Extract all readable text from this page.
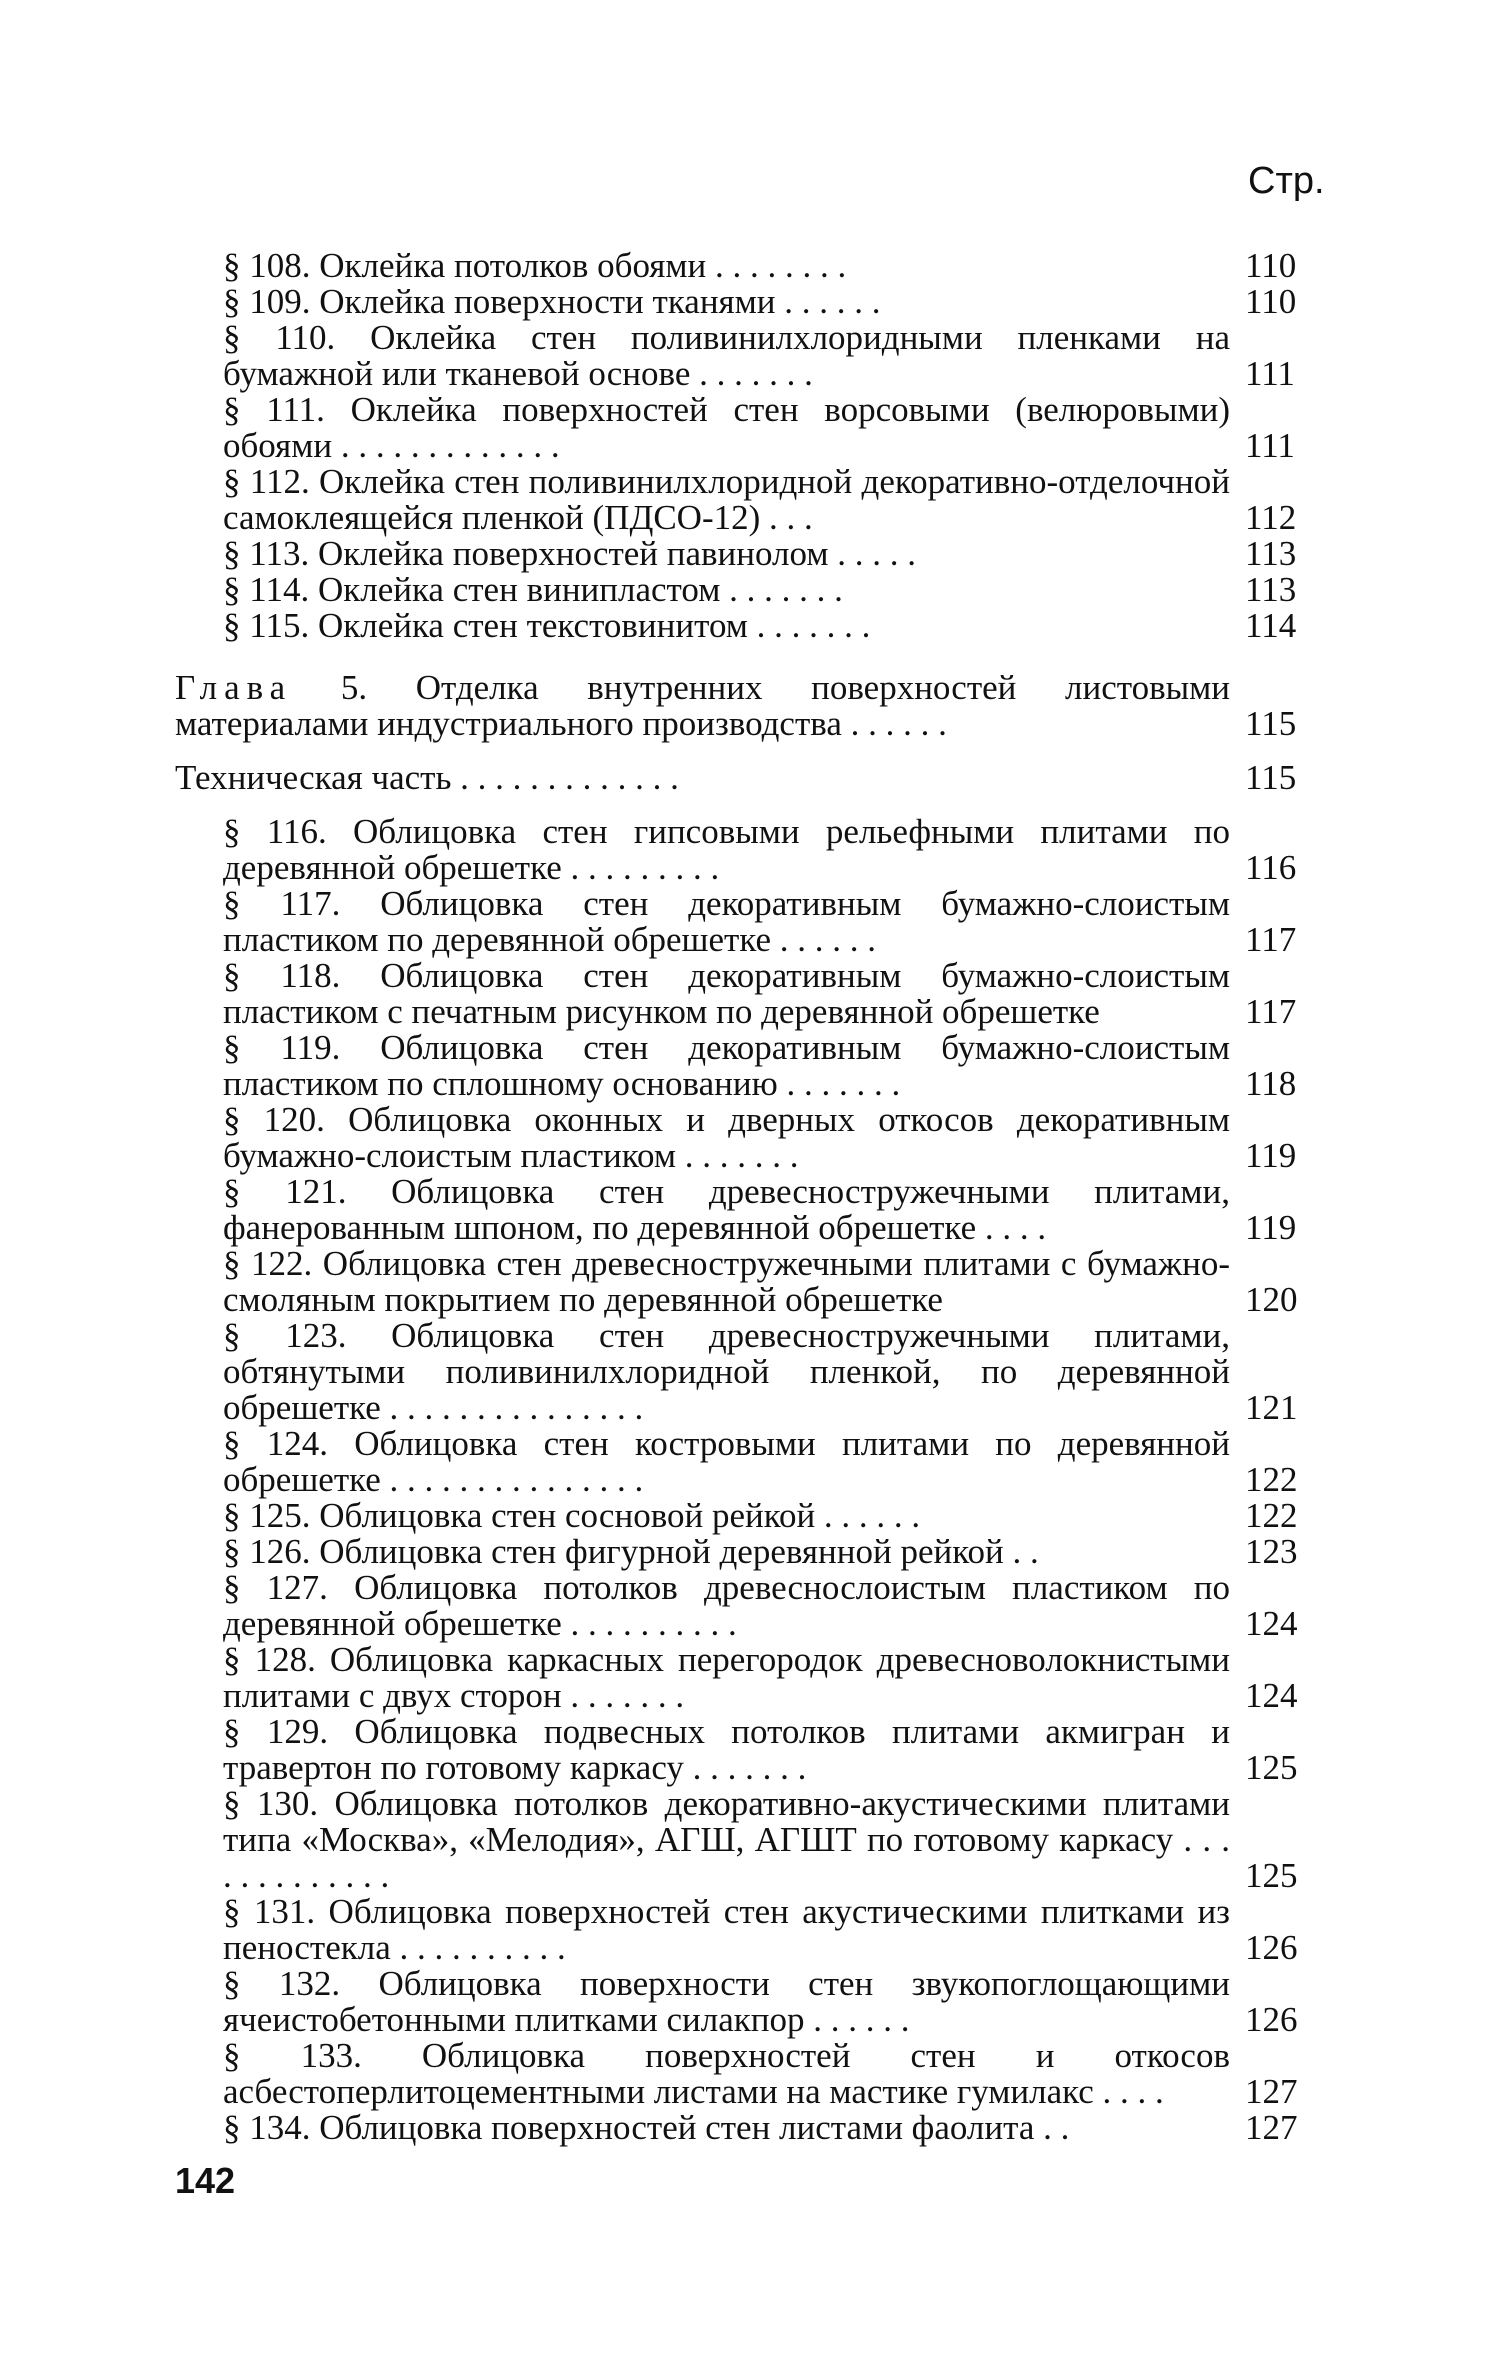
Стр.
§ 108. Оклейка потолков обоями . . . . . . . .	110
§ 109. Оклейка поверхности тканями . . . . . .	110
§ 110. Оклейка стен поливинилхлоридными пленками на бумажной или тканевой основе . . . . . . .	111
§ 111. Оклейка поверхностей стен ворсовыми (велюровыми) обоями . . . . . . . . . . . . .	111
§ 112. Оклейка стен поливинилхлоридной декоративно-отделочной самоклеящейся пленкой (ПДСО-12) . . .	112
§ 113. Оклейка поверхностей павинолом . . . . .	113
§ 114. Оклейка стен винипластом . . . . . . .	113
§ 115. Оклейка стен текстовинитом . . . . . . .	114
Глава 5. Отделка внутренних поверхностей листовыми материалами индустриального производства . . . . . .	115
Техническая часть . . . . . . . . . . . . .	115
§ 116. Облицовка стен гипсовыми рельефными плитами по деревянной обрешетке . . . . . . . . .	116
§ 117. Облицовка стен декоративным бумажно-слоистым пластиком по деревянной обрешетке . . . . . .	117
§ 118. Облицовка стен декоративным бумажно-слоистым пластиком с печатным рисунком по деревянной обрешетке	117
§ 119. Облицовка стен декоративным бумажно-слоистым пластиком по сплошному основанию . . . . . . .	118
§ 120. Облицовка оконных и дверных откосов декоративным бумажно-слоистым пластиком . . . . . . .	119
§ 121. Облицовка стен древесностружечными плитами, фанерованным шпоном, по деревянной обрешетке . . . .	119
§ 122. Облицовка стен древесностружечными плитами с бумажно-смоляным покрытием по деревянной обрешетке	120
§ 123. Облицовка стен древесностружечными плитами, обтянутыми поливинилхлоридной пленкой, по деревянной обрешетке . . . . . . . . . . . . . . .	121
§ 124. Облицовка стен костровыми плитами по деревянной обрешетке . . . . . . . . . . . . . . .	122
§ 125. Облицовка стен сосновой рейкой . . . . . .	122
§ 126. Облицовка стен фигурной деревянной рейкой . .	123
§ 127. Облицовка потолков древеснослоистым пластиком по деревянной обрешетке . . . . . . . . . .	124
§ 128. Облицовка каркасных перегородок древесноволокнистыми плитами с двух сторон . . . . . . .	124
§ 129. Облицовка подвесных потолков плитами акмигран и травертон по готовому каркасу . . . . . . .	125
§ 130. Облицовка потолков декоративно-акустическими плитами типа «Москва», «Мелодия», АГШ, АГШТ по готовому каркасу . . . . . . . . . . . . .	125
§ 131. Облицовка поверхностей стен акустическими плитками из пеностекла . . . . . . . . . .	126
§ 132. Облицовка поверхности стен звукопоглощающими ячеистобетонными плитками силакпор . . . . . .	126
§ 133. Облицовка поверхностей стен и откосов асбестоперлитоцементными листами на мастике гумилакс . . . .	127
§ 134. Облицовка поверхностей стен листами фаолита . .	127
142
